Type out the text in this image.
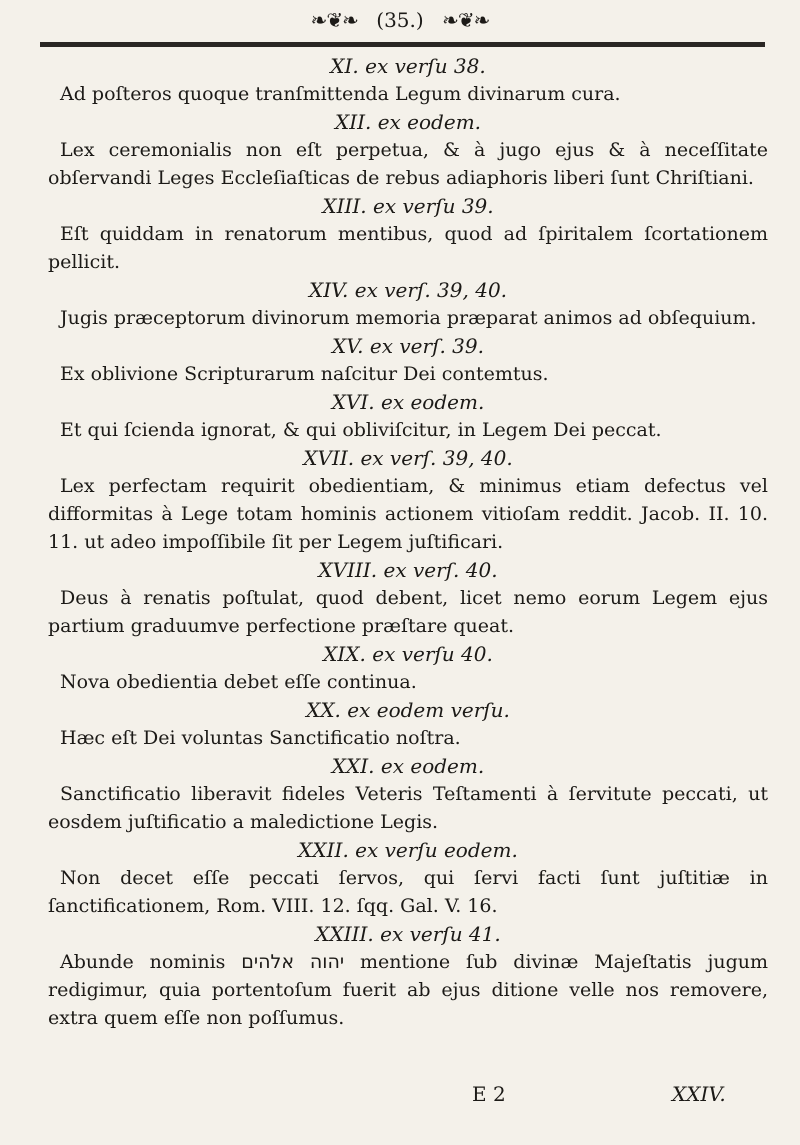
❧❦❧ (35.) ❧❦❧

XI. ex verſu 38.

Ad poſteros quoque tranſmittenda Legum divinarum cura.

XII. ex eodem.

Lex ceremonialis non eſt perpetua, & à jugo ejus & à neceſſitate obſervandi Leges Eccleſiaſticas de rebus adiaphoris liberi ſunt Chriſtiani.

XIII. ex verſu 39.

Eſt quiddam in renatorum mentibus, quod ad ſpiritalem ſcortationem pellicit.

XIV. ex verſ. 39, 40.

Jugis præceptorum divinorum memoria præparat animos ad obſequium.

XV. ex verſ. 39.

Ex oblivione Scripturarum naſcitur Dei contemtus.

XVI. ex eodem.

Et qui ſcienda ignorat, & qui obliviſcitur, in Legem Dei peccat.

XVII. ex verſ. 39, 40.

Lex perfectam requirit obedientiam, & minimus etiam defectus vel difformitas à Lege totam hominis actionem vitioſam reddit. Jacob. II. 10. 11. ut adeo impoſſibile ſit per Legem juſtificari.

XVIII. ex verſ. 40.

Deus à renatis poſtulat, quod debent, licet nemo eorum Legem ejus partium graduumve perfectione præſtare queat.

XIX. ex verſu 40.

Nova obedientia debet eſſe continua.

XX. ex eodem verſu.

Hæc eſt Dei voluntas Sanctificatio noſtra.

XXI. ex eodem.

Sanctificatio liberavit fideles Veteris Teſtamenti à ſervitute peccati, ut eosdem juſtificatio a maledictione Legis.

XXII. ex verſu eodem.

Non decet eſſe peccati ſervos, qui ſervi facti ſunt juſtitiæ in ſanctificationem, Rom. VIII. 12. ſqq. Gal. V. 16.

XXIII. ex verſu 41.

Abunde nominis יהוה אלהים mentione ſub divinæ Majeſtatis jugum redigimur, quia portentoſum fuerit ab ejus ditione velle nos removere, extra quem eſſe non poſſumus.

E 2	XXIV.
